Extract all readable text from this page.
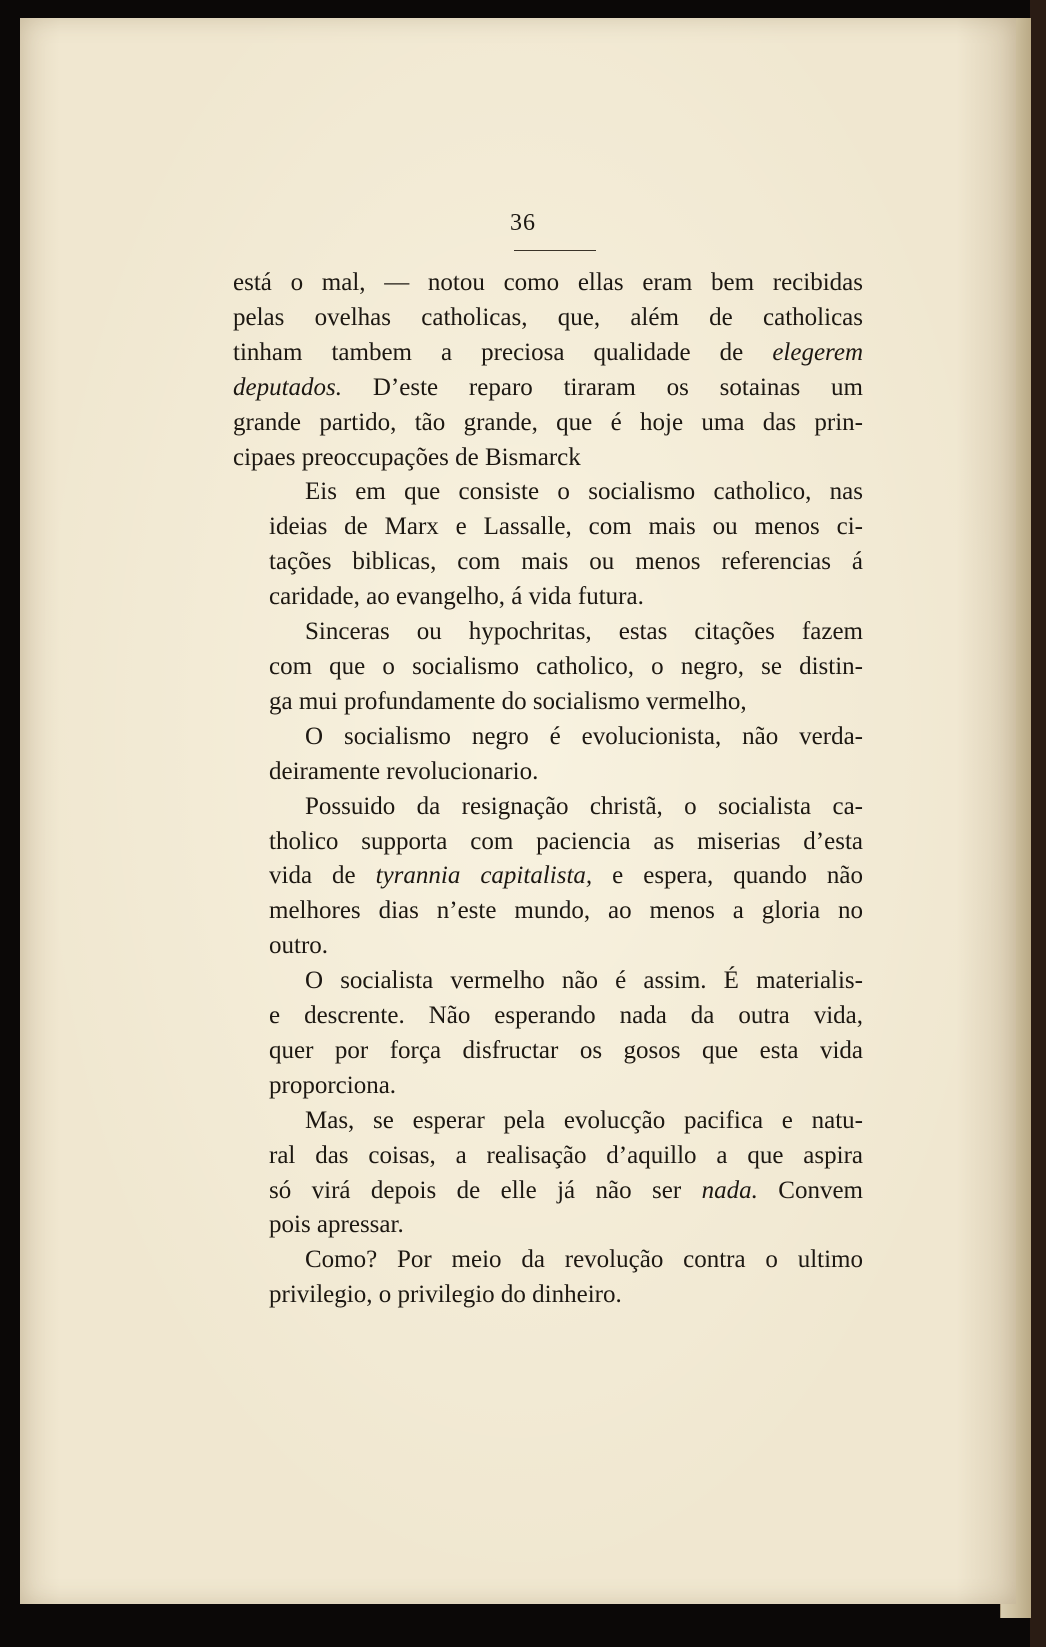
36
está o mal, — notou como ellas eram bem recibidas
pelas ovelhas catholicas, que, além de catholicas
tinham tambem a preciosa qualidade de elegerem
deputados. D’este reparo tiraram os sotainas um
grande partido, tão grande, que é hoje uma das prin-
cipaes preoccupações de Bismarck
Eis em que consiste o socialismo catholico, nas
ideias de Marx e Lassalle, com mais ou menos ci-
tações biblicas, com mais ou menos referencias á
caridade, ao evangelho, á vida futura.
Sinceras ou hypochritas, estas citações fazem
com que o socialismo catholico, o negro, se distin-
ga mui profundamente do socialismo vermelho,
O socialismo negro é evolucionista, não verda-
deiramente revolucionario.
Possuido da resignação christã, o socialista ca-
tholico supporta com paciencia as miserias d’esta
vida de tyrannia capitalista, e espera, quando não
melhores dias n’este mundo, ao menos a gloria no
outro.
O socialista vermelho não é assim. É materialis-
e descrente. Não esperando nada da outra vida,
quer por força disfructar os gosos que esta vida
proporciona.
Mas, se esperar pela evolucção pacifica e natu-
ral das coisas, a realisação d’aquillo a que aspira
só virá depois de elle já não ser nada. Convem
pois apressar.
Como? Por meio da revolução contra o ultimo
privilegio, o privilegio do dinheiro.
